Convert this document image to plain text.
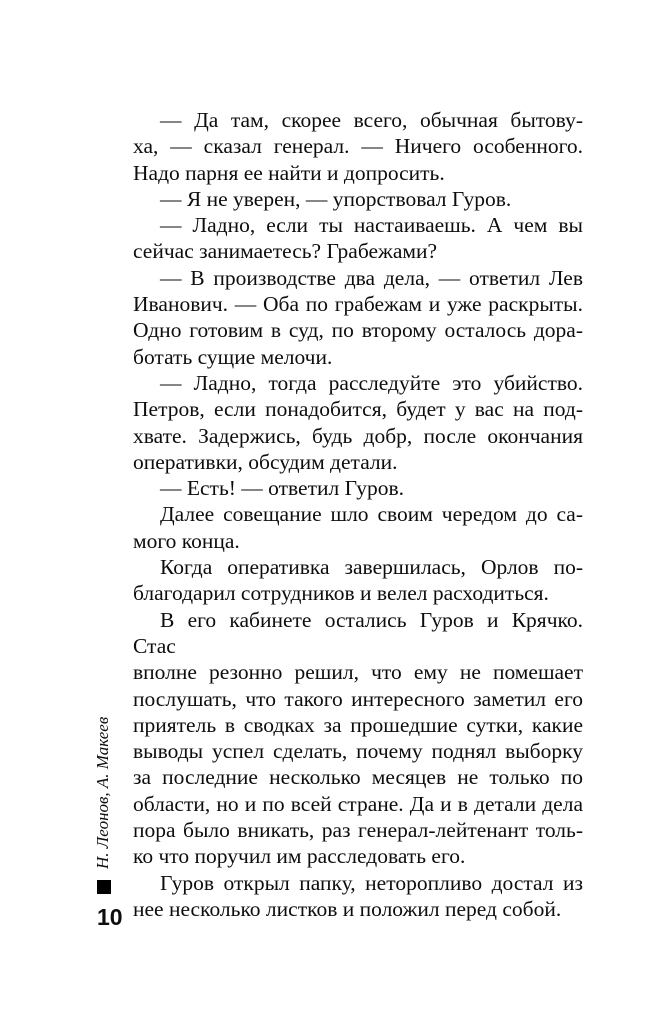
Н. Леонов, А. Макеев
10

— Да там, скорее всего, обычная бытову-
ха, — сказал генерал. — Ничего особенного.
Надо парня ее найти и допросить.

— Я не уверен, — упорствовал Гуров.

— Ладно, если ты настаиваешь. А чем вы
сейчас занимаетесь? Грабежами?

— В производстве два дела, — ответил Лев
Иванович. — Оба по грабежам и уже раскрыты.
Одно готовим в суд, по второму осталось дора-
ботать сущие мелочи.

— Ладно, тогда расследуйте это убийство.
Петров, если понадобится, будет у вас на под-
хвате. Задержись, будь добр, после окончания
оперативки, обсудим детали.

— Есть! — ответил Гуров.

Далее совещание шло своим чередом до са-
мого конца.

Когда оперативка завершилась, Орлов по-
благодарил сотрудников и велел расходиться.

В его кабинете остались Гуров и Крячко. Стас
вполне резонно решил, что ему не помешает
послушать, что такого интересного заметил его
приятель в сводках за прошедшие сутки, какие
выводы успел сделать, почему поднял выборку
за последние несколько месяцев не только по
области, но и по всей стране. Да и в детали дела
пора было вникать, раз генерал-лейтенант толь-
ко что поручил им расследовать его.

Гуров открыл папку, неторопливо достал из
нее несколько листков и положил перед собой.
